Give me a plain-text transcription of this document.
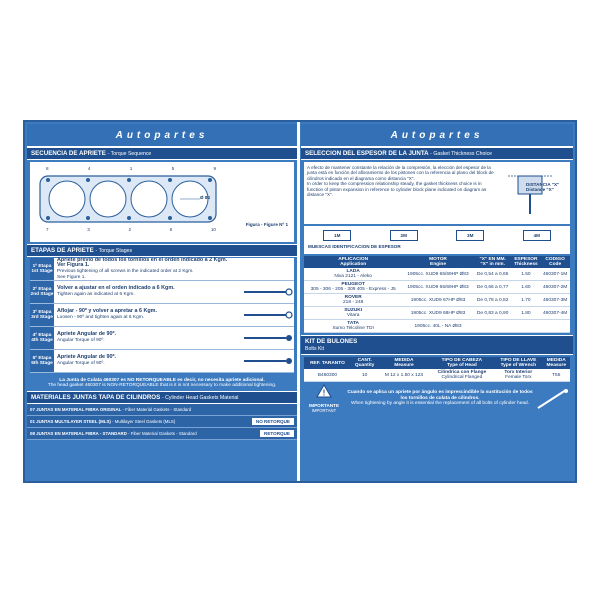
Autopartes
SECUENCIA DE APRIETE - Torque Sequence
8	4	1	5	9
7	3	2	6	10
Ø 84
Figura - Figure Nº 1
ETAPAS DE APRIETE - Torque Stages
1º Etapa
1st Stage
Apriete previo de todos los tornillos en el orden indicado a 2 Kgm.
Ver Figura 1.
Previous tightening of all screws in the indicated order at 2 Kgm.
See Figure 1.
2º Etapa
2nd Stage
Volver a ajustar en el orden indicado a 6 Kgm.
Tighten again as indicated at 6 Kgm.
3º Etapa
3rd Stage
Aflojar - 90º y volver a apretar a 6 Kgm.
Loosen - 90º and tighten again at 6 Kgm.
4º Etapa
4th Stage
Apriete Angular de 90º.
Angular Torque of 90º.
5º Etapa
5th Stage
Apriete Angular de 90º.
Angular Torque of 90º.
La Junta de Culata 460307 es NO RETORQUEABLE es decir, no necesita apriete adicional.
The head gasket 460307 is NON-RETORQUEABLE that is it is not necessary to make additional tightening.
MATERIALES JUNTAS TAPA DE CILINDROS - Cylinder Head Gaskets Material
07
JUNTAS EN MATERIAL FIBRA ORIGINAL
- Fiber Material Gaskets - Standard
01
JUNTAS MULTILAYER STEEL (MLS)
- Multilayer Steel Gaskets (MLS)	NO RETORQUE
08
JUNTAS EN MATERIAL FIBRA - STANDARD
- Fiber Material Gaskets - Standard	RETORQUE
Autopartes
SELECCION DEL ESPESOR DE LA JUNTA - Gasket Thickness Choice
A efecto de mantener constante la relación de la compresión, la elección del espesor de la junta está en función del afloramiento de los pistones con la referencia al plano del block de cilindros indicado en el diagrama como distancia "X".
In order to keep the compression relationship steady, the gasket thickness choice is in function of piston expansion in reference to cylinder block plane indicated on diagram as distance "X".
DISTANCIA "X"
Distance "X"
1M	2M	3M	4M
MUESCAS IDENTIFICACION DE ESPESOR
APLICACION
Application	MOTOR
Engine	"X" EN MM.
"X" in mm.	ESPESOR
Thickness	CODIGO
Code
LADA
Niva 2121 - Aleko	1905cc. XUD9 65/69HP Ø83	De 0,54 a 0,65	1.50	460307-1M
PEUGEOT
305 - 306 - 205 - 309 405 - Express - J5	1905cc. XUD9 65/69HP Ø83	De 0,66 a 0,77	1.60	460307-2M
ROVER
218 - 248	1905cc. XUD9 67HP Ø83	De 0,78 a 0,82	1.70	460307-3M
SUZUKI
Vitara	1905cc. XUD9 68HP Ø83	De 0,83 a 0,90	1.80	460307-4M
TATA
Sumo Telcoline TDI	1905cc. 40L - NA Ø83			
KIT DE BULONES
Bolts Kit
REF. TARANTO	CANT.
Quantity	MEDIDA
Measure	TIPO DE CABEZA
Type of Head	TIPO DE LLAVE
Type of Wrench	MEDIDA
Measure
B460300	10	M 12 x 1.50 x 123	Cilindrica con Flange
Cylindrical Flanged	Torx Interior
Female Torx	T55
!
IMPORTANTE
IMPORTANT
Cuando se aplica un apriete por ángulo es imprescindible la sustitución de todos los tornillos de culata de cilindros.
When tightening by angle it is essential the replacement of all bolts of cylinder head.
